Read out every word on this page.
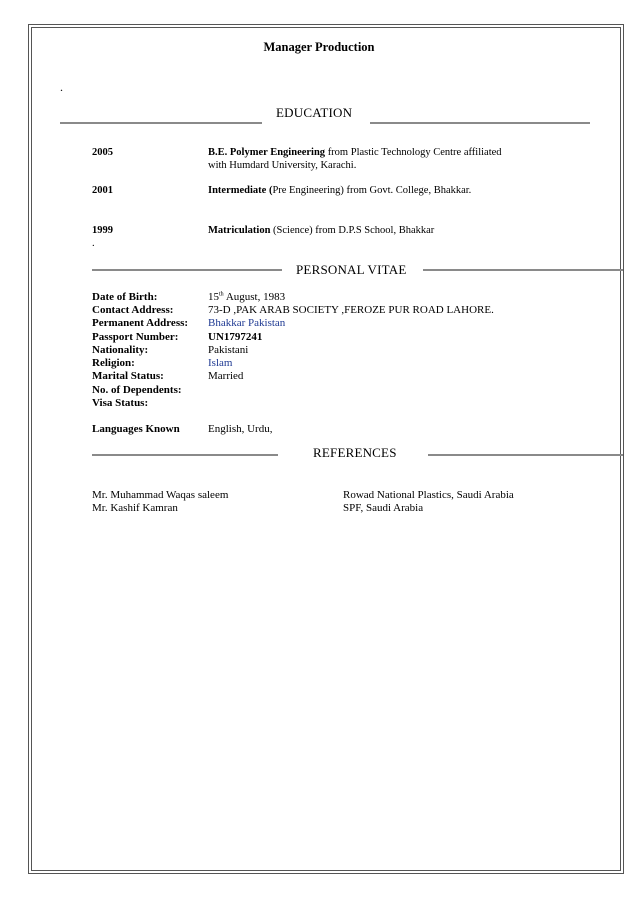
Manager Production
.
EDUCATION
2005	B.E. Polymer Engineering from Plastic Technology Centre affiliated
with Humdard University, Karachi.
2001	Intermediate (Pre Engineering) from Govt. College, Bhakkar.
1999	Matriculation (Science) from D.P.S School, Bhakkar
.
PERSONAL VITAE
Date of Birth:	15th August, 1983
Contact Address:	73-D ,PAK ARAB SOCIETY ,FEROZE PUR ROAD LAHORE.
Permanent Address: Bhakkar Pakistan
Passport Number:	UN1797241
Nationality:	Pakistani
Religion:	Islam
Marital Status:	Married
No. of Dependents:
Visa Status:
Languages Known	English, Urdu,
REFERENCES
Mr. Muhammad Waqas saleem	Rowad National Plastics, Saudi Arabia
Mr. Kashif Kamran	SPF, Saudi Arabia
